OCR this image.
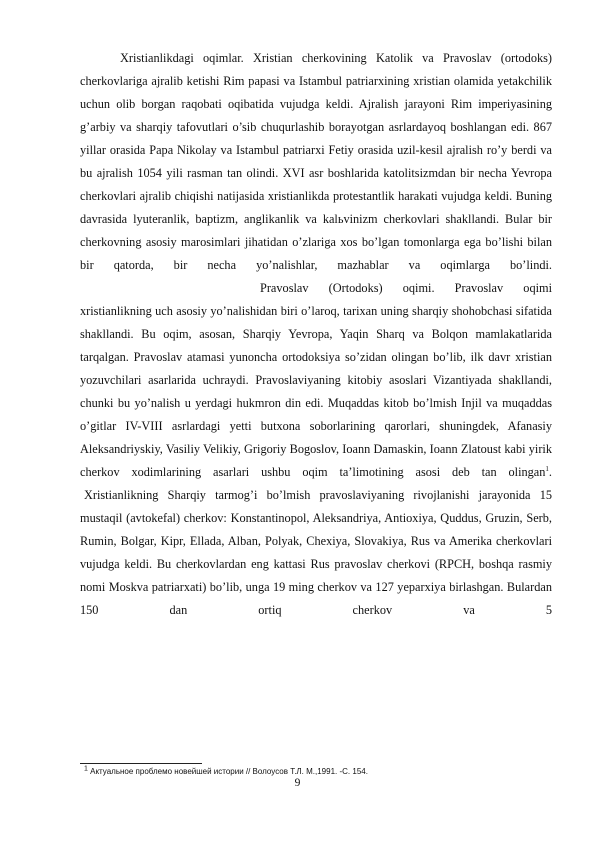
Xristianlikdagi oqimlar. Xristian cherkovining Katolik va Pravoslav (ortodoks) cherkovlariga ajralib ketishi Rim papasi va Istambul patriarxining xristian olamida yetakchilik uchun olib borgan raqobati oqibatida vujudga keldi. Ajralish jarayoni Rim imperiyasining g’arbiy va sharqiy tafovutlari o’sib chuqurlashib borayotgan asrlardayoq boshlangan edi. 867 yillar orasida Papa Nikolay va Istambul patriarxi Fetiy orasida uzil-kesil ajralish ro’y berdi va bu ajralish 1054 yili rasman tan olindi. XVI asr boshlarida katolitsizmdan bir necha Yevropa cherkovlari ajralib chiqishi natijasida xristianlikda protestantlik harakati vujudga keldi. Buning davrasida lyuteranlik, baptizm, anglikanlik va kalьvinizm cherkovlari shakllandi. Bular bir cherkovning asosiy marosimlari jihatidan o’zlariga xos bo’lgan tomonlarga ega bo’lishi bilan bir qatorda, bir necha yo’nalishlar, mazhablar va oqimlarga bo’lindi.

Pravoslav (Ortodoks) oqimi. Pravoslav oqimi xristianlikning uch asosiy yo’nalishidan biri o’laroq, tarixan uning sharqiy shohobchasi sifatida shakllandi. Bu oqim, asosan, Sharqiy Yevropa, Yaqin Sharq va Bolqon mamlakatlarida tarqalgan. Pravoslav atamasi yunoncha ortodoksiya so’zidan olingan bo’lib, ilk davr xristian yozuvchilari asarlarida uchraydi. Pravoslaviyaning kitobiy asoslari Vizantiyada shakllandi, chunki bu yo’nalish u yerdagi hukmron din edi. Muqaddas kitob bo’lmish Injil va muqaddas o’gitlar IV-VIII asrlardagi yetti butxona soborlarining qarorlari, shuningdek, Afanasiy Aleksandriyskiy, Vasiliy Velikiy, Grigoriy Bogoslov, Ioann Damaskin, Ioann Zlatoust kabi yirik cherkov xodimlarining asarlari ushbu oqim ta’limotining asosi deb tan olingan$^1$.

Xristianlikning Sharqiy tarmog’i bo’lmish pravoslaviyaning rivojlanishi jarayonida 15 mustaqil (avtokefal) cherkov: Konstantinopol, Aleksandriya, Antioxiya, Quddus, Gruzin, Serb, Rumin, Bolgar, Kipr, Ellada, Alban, Polyak, Chexiya, Slovakiya, Rus va Amerika cherkovlari vujudga keldi. Bu cherkovlardan eng kattasi Rus pravoslav cherkovi (RPCH, boshqa rasmiy nomi Moskva patriarxati) bo’lib, unga 19 ming cherkov va 127 yeparxiya birlashgan. Bulardan 150 dan ortiq cherkov va 5

$^1$ Актуальное проблемо новейшей истории // Волоусов Т.Л. М.,1991. -С. 154.
9
